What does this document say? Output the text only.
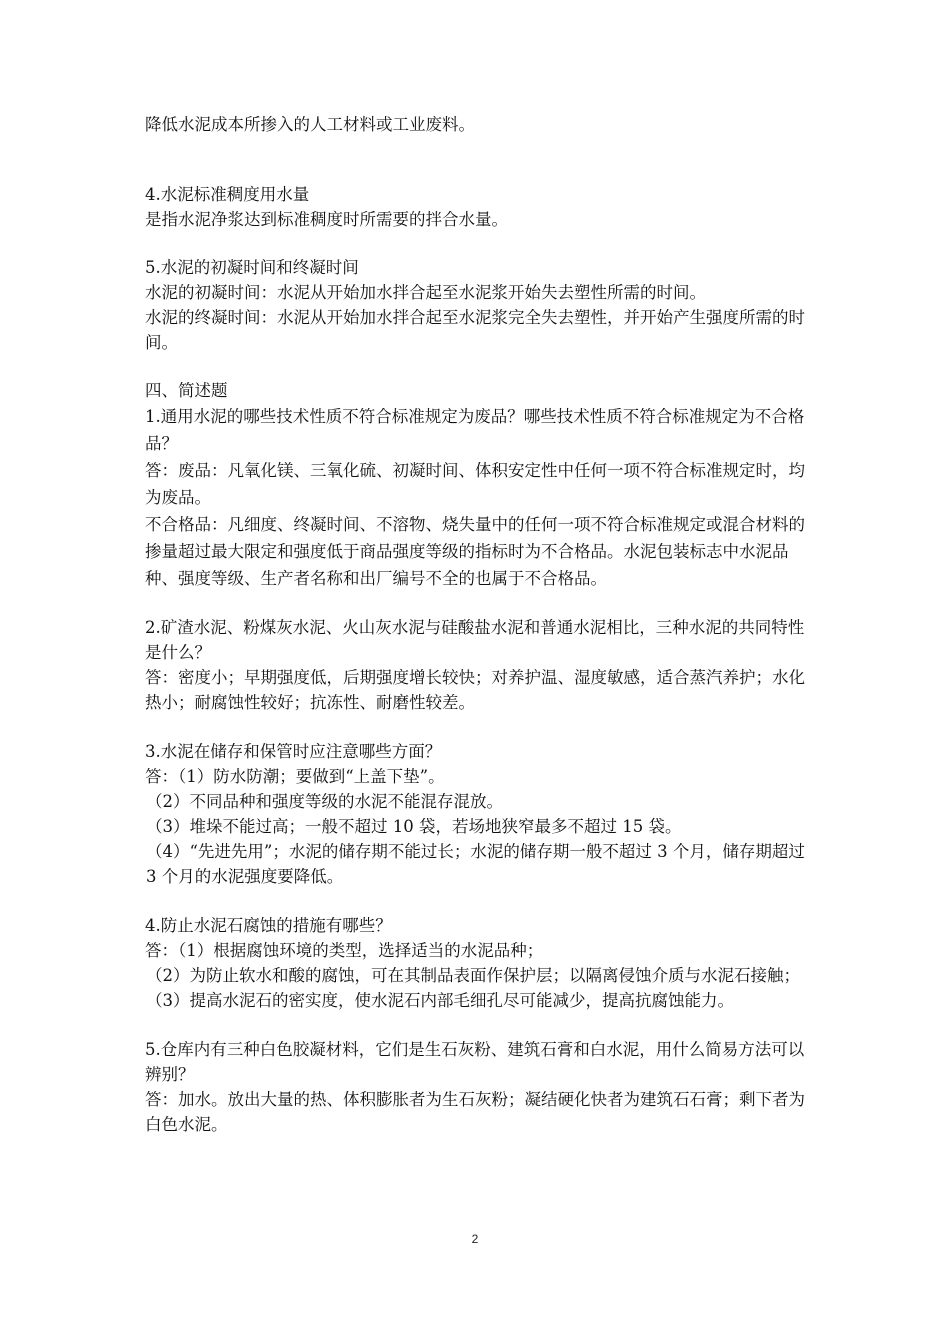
降低水泥成本所掺入的人工材料或工业废料。

4.水泥标准稠度用水量

是指水泥净浆达到标准稠度时所需要的拌合水量。

5.水泥的初凝时间和终凝时间

水泥的初凝时间：水泥从开始加水拌合起至水泥浆开始失去塑性所需的时间。

水泥的终凝时间：水泥从开始加水拌合起至水泥浆完全失去塑性，并开始产生强度所需的时间。

四、简述题

1.通用水泥的哪些技术性质不符合标准规定为废品？哪些技术性质不符合标准规定为不合格品？

答：废品：凡氧化镁、三氧化硫、初凝时间、体积安定性中任何一项不符合标准规定时，均为废品。

不合格品：凡细度、终凝时间、不溶物、烧失量中的任何一项不符合标准规定或混合材料的掺量超过最大限定和强度低于商品强度等级的指标时为不合格品。水泥包装标志中水泥品种、强度等级、生产者名称和出厂编号不全的也属于不合格品。

2.矿渣水泥、粉煤灰水泥、火山灰水泥与硅酸盐水泥和普通水泥相比，三种水泥的共同特性是什么？

答：密度小；早期强度低，后期强度增长较快；对养护温、湿度敏感，适合蒸汽养护；水化热小；耐腐蚀性较好；抗冻性、耐磨性较差。

3.水泥在储存和保管时应注意哪些方面？

答：（1）防水防潮；要做到“上盖下垫”。

（2）不同品种和强度等级的水泥不能混存混放。

（3）堆垛不能过高；一般不超过 10 袋，若场地狭窄最多不超过 15 袋。

（4）“先进先用”；水泥的储存期不能过长；水泥的储存期一般不超过 3 个月，储存期超过 3 个月的水泥强度要降低。

4.防止水泥石腐蚀的措施有哪些？

答：（1）根据腐蚀环境的类型，选择适当的水泥品种；

（2）为防止软水和酸的腐蚀，可在其制品表面作保护层；以隔离侵蚀介质与水泥石接触；

（3）提高水泥石的密实度，使水泥石内部毛细孔尽可能减少，提高抗腐蚀能力。

5.仓库内有三种白色胶凝材料，它们是生石灰粉、建筑石膏和白水泥，用什么简易方法可以辨别？

答：加水。放出大量的热、体积膨胀者为生石灰粉；凝结硬化快者为建筑石石膏；剩下者为白色水泥。

2
